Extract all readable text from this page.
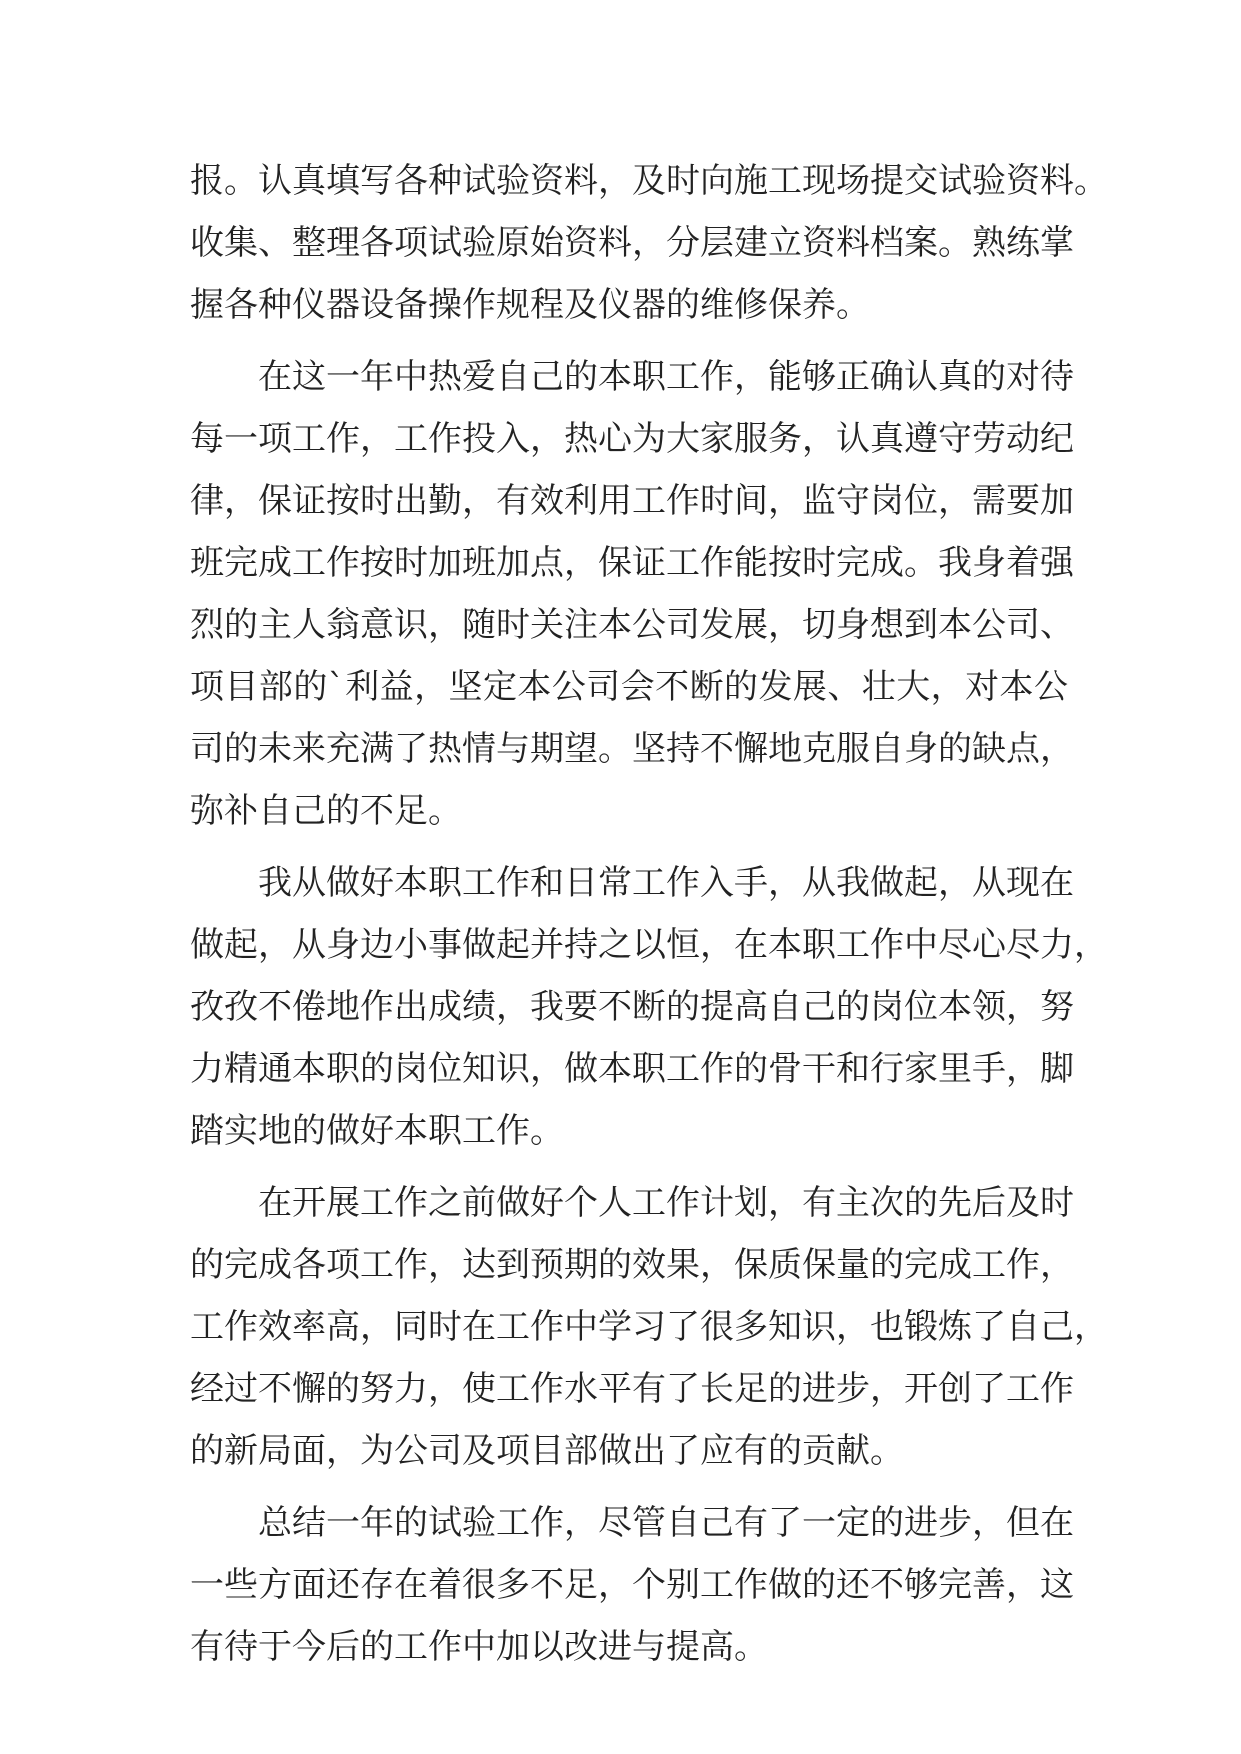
报。认真填写各种试验资料，及时向施工现场提交试验资料。
收集、整理各项试验原始资料，分层建立资料档案。熟练掌
握各种仪器设备操作规程及仪器的维修保养。
在这一年中热爱自己的本职工作，能够正确认真的对待
每一项工作，工作投入，热心为大家服务，认真遵守劳动纪
律，保证按时出勤，有效利用工作时间，监守岗位，需要加
班完成工作按时加班加点，保证工作能按时完成。我身着强
烈的主人翁意识，随时关注本公司发展，切身想到本公司、
项目部的`利益，坚定本公司会不断的发展、壮大，对本公
司的未来充满了热情与期望。坚持不懈地克服自身的缺点，
弥补自己的不足。
我从做好本职工作和日常工作入手，从我做起，从现在
做起，从身边小事做起并持之以恒，在本职工作中尽心尽力，
孜孜不倦地作出成绩，我要不断的提高自己的岗位本领，努
力精通本职的岗位知识，做本职工作的骨干和行家里手，脚
踏实地的做好本职工作。
在开展工作之前做好个人工作计划，有主次的先后及时
的完成各项工作，达到预期的效果，保质保量的完成工作，
工作效率高，同时在工作中学习了很多知识，也锻炼了自己，
经过不懈的努力，使工作水平有了长足的进步，开创了工作
的新局面，为公司及项目部做出了应有的贡献。
总结一年的试验工作，尽管自己有了一定的进步，但在
一些方面还存在着很多不足，个别工作做的还不够完善，这
有待于今后的工作中加以改进与提高。
